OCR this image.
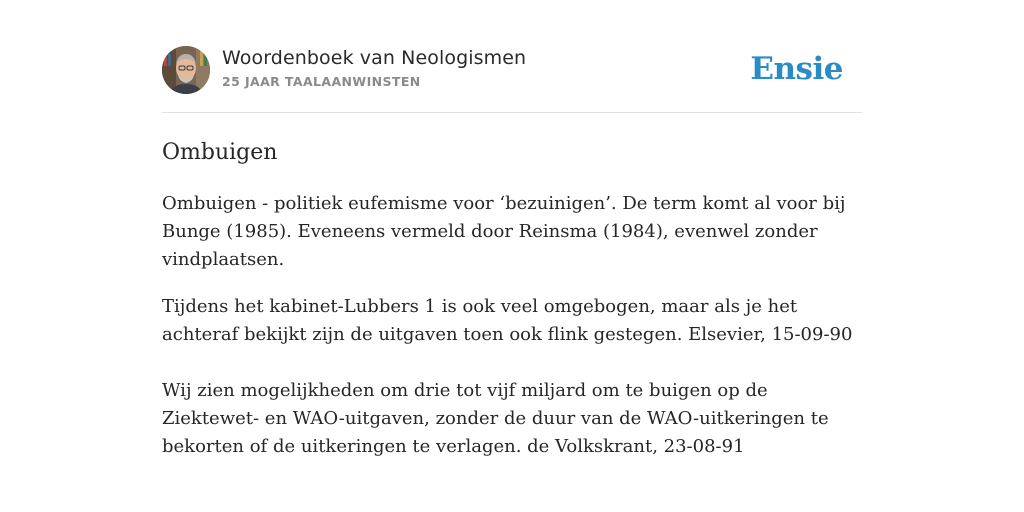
Woordenboek van Neologismen
25 JAAR TAALAANWINSTEN	Ensie
Ombuigen

Ombuigen - politiek eufemisme voor ‘bezuinigen’. De term komt al voor bij Bunge (1985). Eveneens vermeld door Reinsma (1984), evenwel zonder vindplaatsen.

Tijdens het kabinet-Lubbers 1 is ook veel omgebogen, maar als je het achteraf bekijkt zijn de uitgaven toen ook flink gestegen. Elsevier, 15-09-90

Wij zien mogelijkheden om drie tot vijf miljard om te buigen op de Ziektewet- en WAO-uitgaven, zonder de duur van de WAO-uitkeringen te bekorten of de uitkeringen te verlagen. de Volkskrant, 23-08-91
